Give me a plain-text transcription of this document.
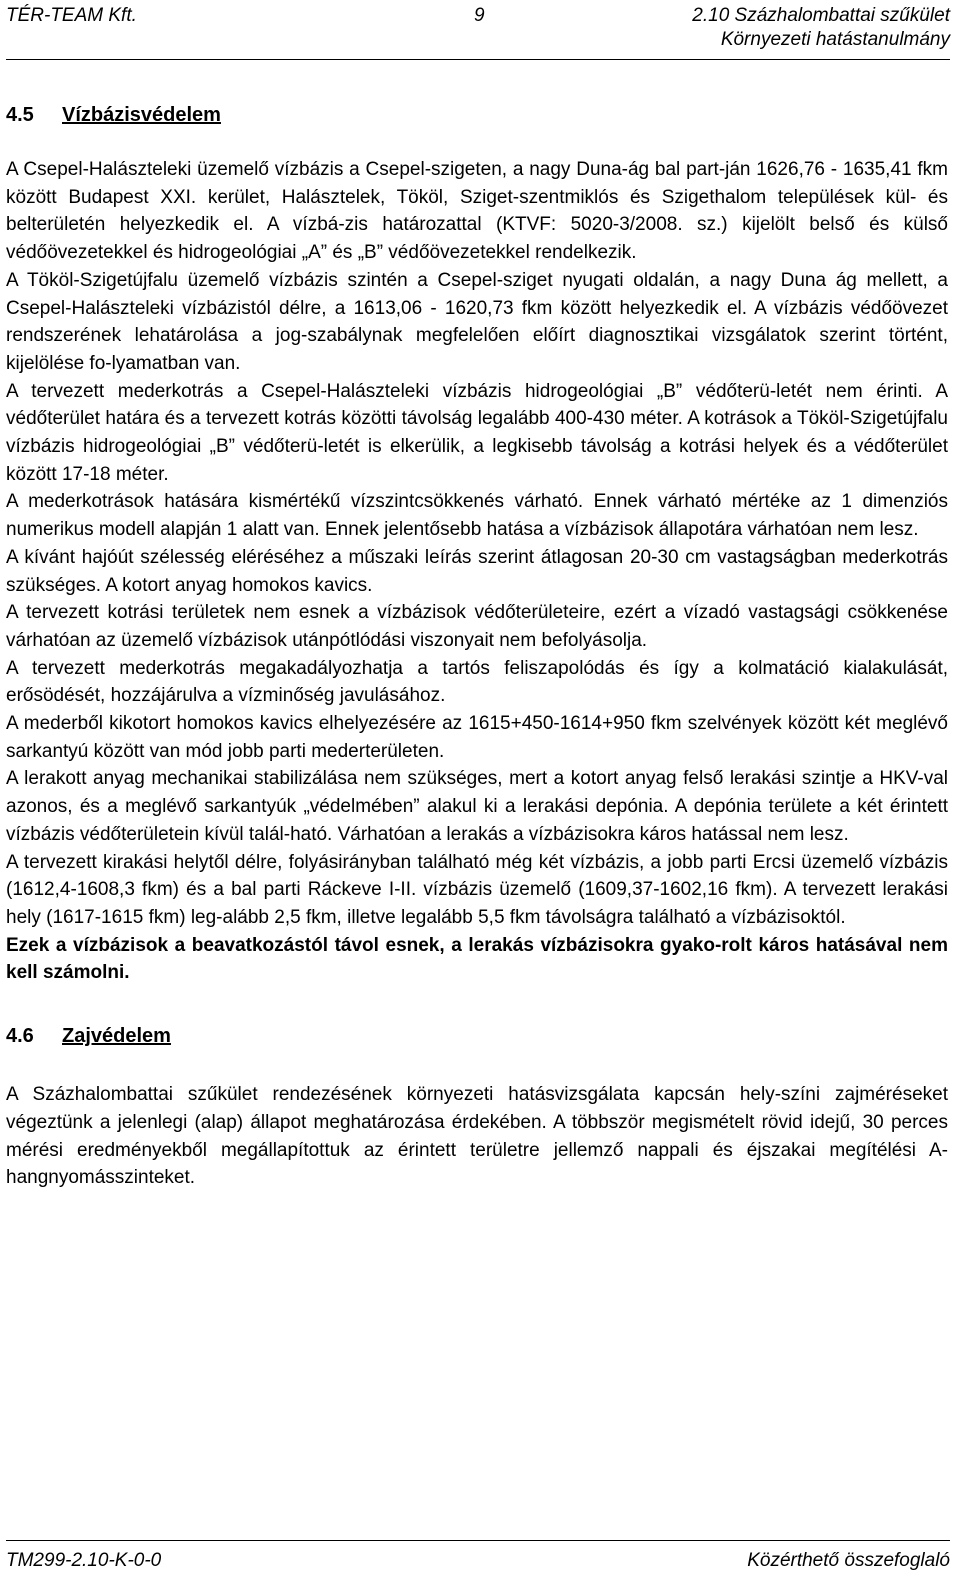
TÉR-TEAM Kft.	9	2.10 Százhalombattai szűkület
Környezeti hatástanulmány
4.5 Vízbázisvédelem

A Csepel-Halászteleki üzemelő vízbázis a Csepel-szigeten, a nagy Duna-ág bal part-ján 1626,76 - 1635,41 fkm között Budapest XXI. kerület, Halásztelek, Tököl, Sziget-szentmiklós és Szigethalom települések kül- és belterületén helyezkedik el. A vízbá-zis határozattal (KTVF: 5020-3/2008. sz.) kijelölt belső és külső védőövezetekkel és hidrogeológiai „A” és „B” védőövezetekkel rendelkezik.

A Tököl-Szigetújfalu üzemelő vízbázis szintén a Csepel-sziget nyugati oldalán, a nagy Duna ág mellett, a Csepel-Halászteleki vízbázistól délre, a 1613,06 - 1620,73 fkm között helyezkedik el. A vízbázis védőövezet rendszerének lehatárolása a jog-szabálynak megfelelően előírt diagnosztikai vizsgálatok szerint történt, kijelölése fo-lyamatban van.

A tervezett mederkotrás a Csepel-Halászteleki vízbázis hidrogeológiai „B” védőterü-letét nem érinti. A védőterület határa és a tervezett kotrás közötti távolság legalább 400-430 méter. A kotrások a Tököl-Szigetújfalu vízbázis hidrogeológiai „B” védőterü-letét is elkerülik, a legkisebb távolság a kotrási helyek és a védőterület között 17-18 méter.

A mederkotrások hatására kismértékű vízszintcsökkenés várható. Ennek várható mértéke az 1 dimenziós numerikus modell alapján 1 alatt van. Ennek jelentősebb hatása a vízbázisok állapotára várhatóan nem lesz.

A kívánt hajóút szélesség eléréséhez a műszaki leírás szerint átlagosan 20-30 cm vastagságban mederkotrás szükséges. A kotort anyag homokos kavics.

A tervezett kotrási területek nem esnek a vízbázisok védőterületeire, ezért a vízadó vastagsági csökkenése várhatóan az üzemelő vízbázisok utánpótlódási viszonyait nem befolyásolja.

A tervezett mederkotrás megakadályozhatja a tartós feliszapolódás és így a kolmatáció kialakulását, erősödését, hozzájárulva a vízminőség javulásához.

A mederből kikotort homokos kavics elhelyezésére az 1615+450-1614+950 fkm szelvények között két meglévő sarkantyú között van mód jobb parti mederterületen.

A lerakott anyag mechanikai stabilizálása nem szükséges, mert a kotort anyag felső lerakási szintje a HKV-val azonos, és a meglévő sarkantyúk „védelmében” alakul ki a lerakási depónia. A depónia területe a két érintett vízbázis védőterületein kívül talál-ható. Várhatóan a lerakás a vízbázisokra káros hatással nem lesz.

A tervezett kirakási helytől délre, folyásirányban található még két vízbázis, a jobb parti Ercsi üzemelő vízbázis (1612,4-1608,3 fkm) és a bal parti Ráckeve I-II. vízbázis üzemelő (1609,37-1602,16 fkm). A tervezett lerakási hely (1617-1615 fkm) leg-alább 2,5 fkm, illetve legalább 5,5 fkm távolságra található a vízbázisoktól.

Ezek a vízbázisok a beavatkozástól távol esnek, a lerakás vízbázisokra gyako-rolt káros hatásával nem kell számolni.

4.6 Zajvédelem

A Százhalombattai szűkület rendezésének környezeti hatásvizsgálata kapcsán hely-színi zajméréseket végeztünk a jelenlegi (alap) állapot meghatározása érdekében. A többször megismételt rövid idejű, 30 perces mérési eredményekből megállapítottuk az érintett területre jellemző nappali és éjszakai megítélési A-hangnyomásszinteket.

TM299-2.10-K-0-0	Közérthető összefoglaló
